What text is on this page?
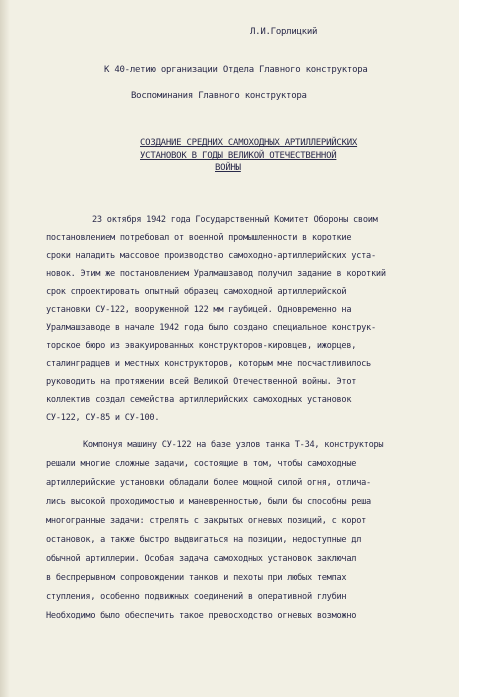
Л.И.Горлицкий
К 40-летию организации Отдела Главного конструктора
Воспоминания Главного конструктора
СОЗДАНИЕ СРЕДНИХ САМОХОДНЫХ АРТИЛЛЕРИЙСКИХ
УСТАНОВОК В ГОДЫ ВЕЛИКОЙ ОТЕЧЕСТВЕННОЙ
ВОЙНЫ
23 октября 1942 года Государственный Комитет Обороны своим
постановлением потребовал от военной промышленности в короткие
сроки наладить массовое производство самоходно-артиллерийских уста-
новок. Этим же постановлением Уралмашзавод получил задание в короткий
срок спроектировать опытный образец самоходной артиллерийской
установки СУ-122, вооруженной 122 мм гаубицей. Одновременно на
Уралмашзаводе в начале 1942 года было создано специальное конструк-
торское бюро из эвакуированных конструкторов-кировцев, ижорцев,
сталинградцев и местных конструкторов, которым мне посчастливилось
руководить на протяжении всей Великой Отечественной войны. Этот
коллектив создал семейства артиллерийских самоходных установок
СУ-122, СУ-85 и СУ-100.
Компонуя машину СУ-122 на базе узлов танка Т-34, конструкторы
решали многие сложные задачи, состоящие в том, чтобы самоходные
артиллерийские установки обладали более мощной силой огня, отлича-
лись высокой проходимостью и маневренностью, были бы способны реша
многогранные задачи: стрелять с закрытых огневых позиций, с корот
остановок, а также быстро выдвигаться на позиции, недоступные дл
обычной артиллерии. Особая задача самоходных установок заключал
в беспрерывном сопровождении танков и пехоты при любых темпах
ступления, особенно подвижных соединений в оперативной глубин
Необходимо было обеспечить такое превосходство огневых возможно
